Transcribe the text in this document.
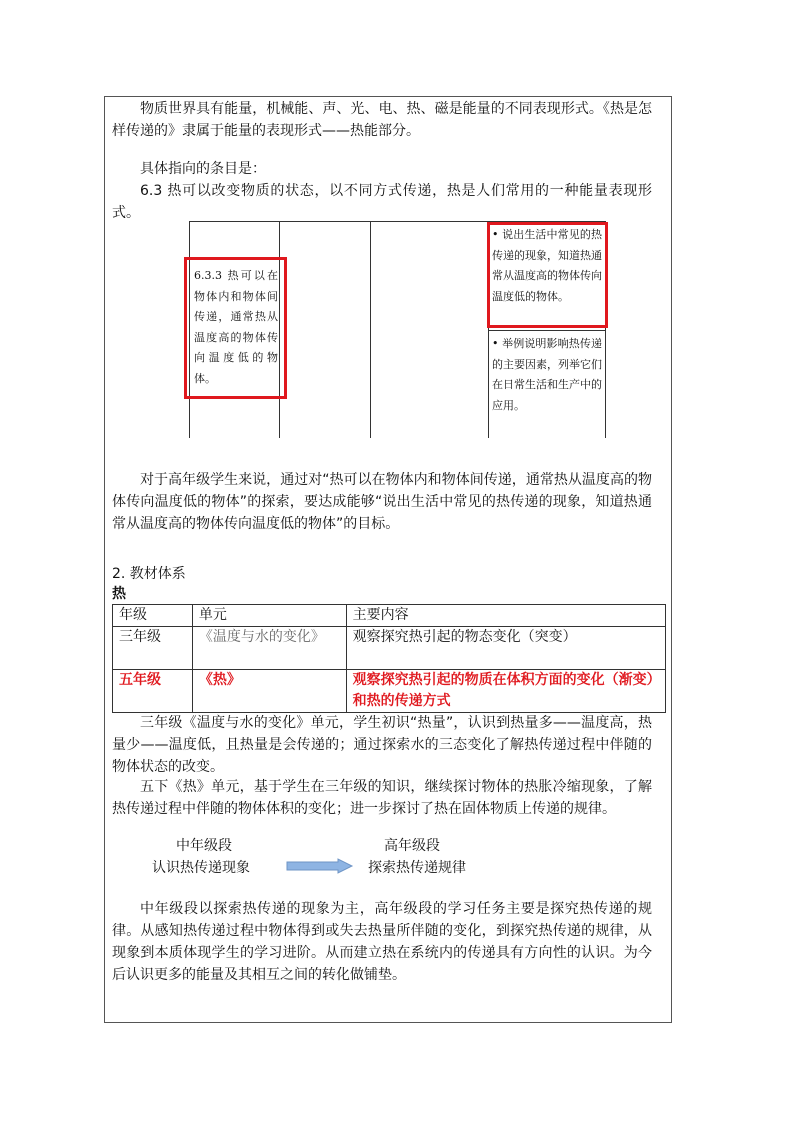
物质世界具有能量，机械能、声、光、电、热、磁是能量的不同表现形式。《热是怎样传递的》隶属于能量的表现形式——热能部分。

具体指向的条目是：

6.3 热可以改变物质的状态，以不同方式传递，热是人们常用的一种能量表现形式。

6.3.3 热可以在物体内和物体间传递，通常热从温度高的物体传向温度低的物体。
• 说出生活中常见的热传递的现象，知道热通常从温度高的物体传向温度低的物体。
• 举例说明影响热传递的主要因素，列举它们在日常生活和生产中的应用。

对于高年级学生来说，通过对“热可以在物体内和物体间传递，通常热从温度高的物体传向温度低的物体”的探索，要达成能够“说出生活中常见的热传递的现象，知道热通常从温度高的物体传向温度低的物体”的目标。

2. 教材体系
热
年级	单元	主要内容
三年级	《温度与水的变化》	观察探究热引起的物态变化（突变）
五年级	《热》	观察探究热引起的物质在体积方面的变化（渐变）和热的传递方式

三年级《温度与水的变化》单元，学生初识“热量”，认识到热量多——温度高，热量少——温度低，且热量是会传递的；通过探索水的三态变化了解热传递过程中伴随的物体状态的改变。

五下《热》单元，基于学生在三年级的知识，继续探讨物体的热胀冷缩现象，了解热传递过程中伴随的物体体积的变化；进一步探讨了热在固体物质上传递的规律。

中年级段
认识热传递现象
高年级段
探索热传递规律

中年级段以探索热传递的现象为主，高年级段的学习任务主要是探究热传递的规律。从感知热传递过程中物体得到或失去热量所伴随的变化，到探究热传递的规律，从现象到本质体现学生的学习进阶。从而建立热在系统内的传递具有方向性的认识。为今后认识更多的能量及其相互之间的转化做铺垫。
